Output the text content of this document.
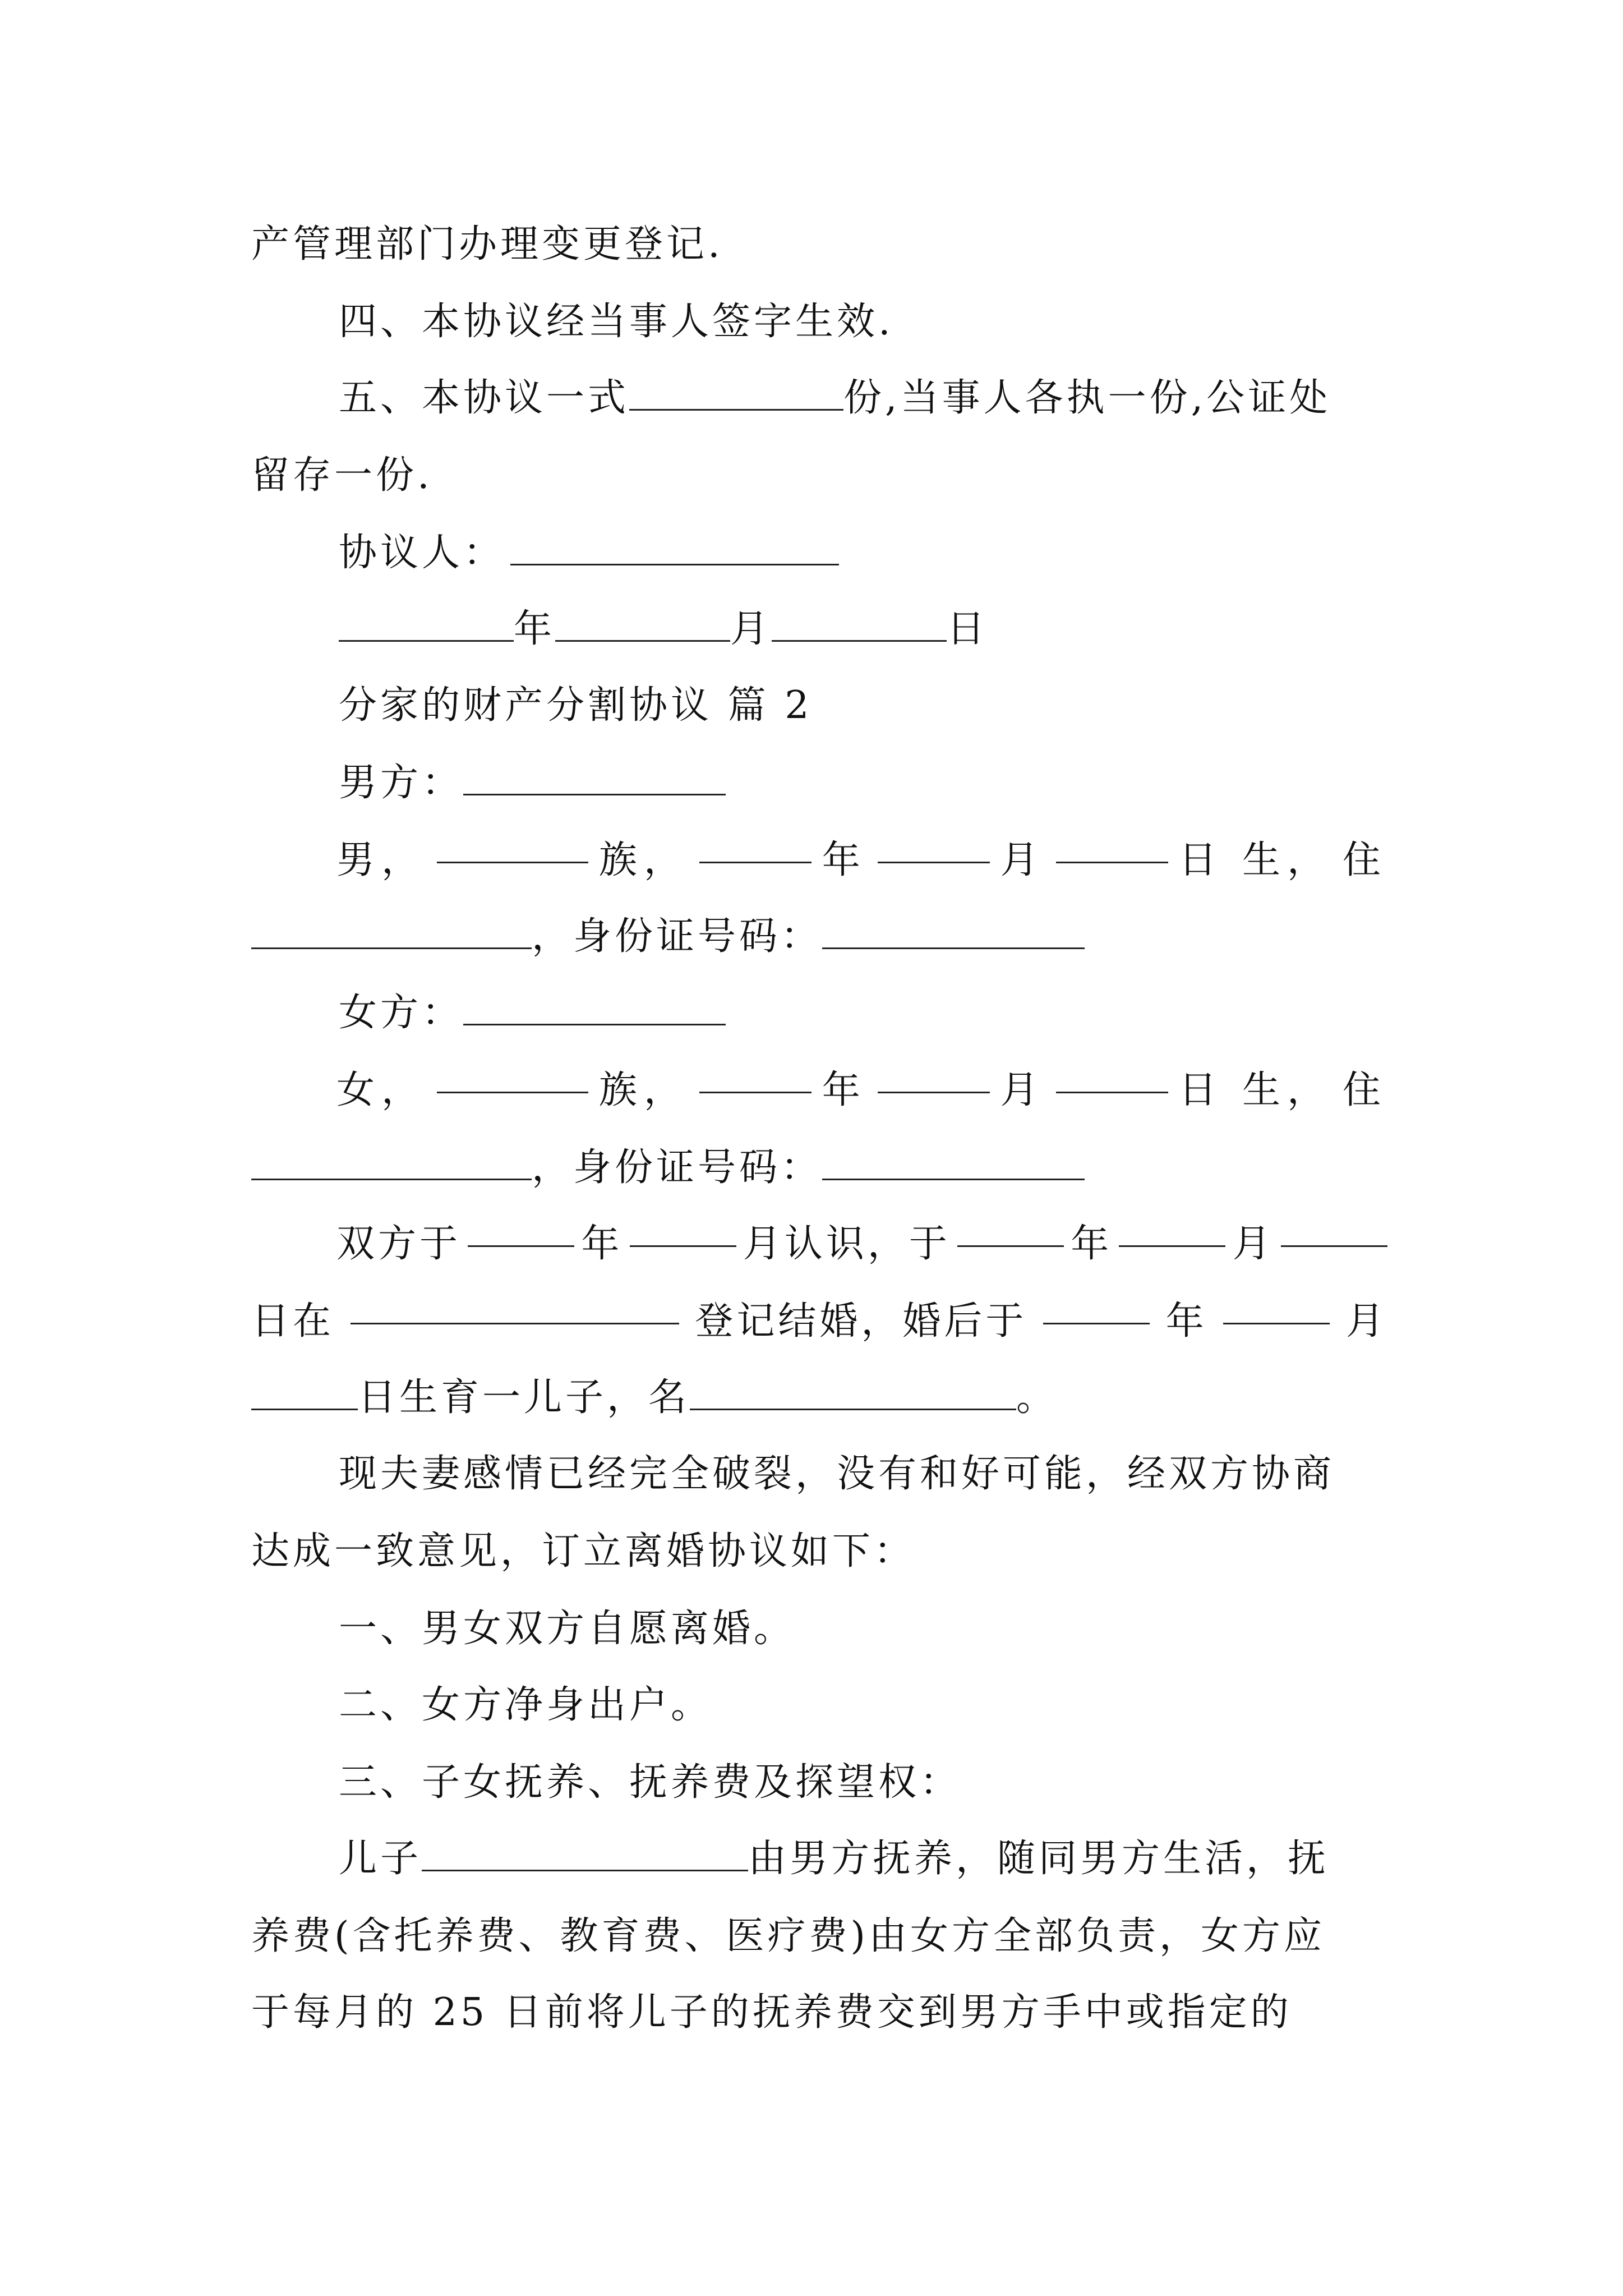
产管理部门办理变更登记.
四、本协议经当事人签字生效.
五、本协议一式	份,当事人各执一份,公证处
留存一份.
协议人：
年	月	日
分家的财产分割协议 篇 2
男方：
男，	族，	年	月	日 生， 住
，身份证号码：
女方：
女，	族，	年	月	日 生， 住
，身份证号码：
双方于	年	月认识，于	年	月
日在	登记结婚，婚后于	年	月
日生育一儿子，名	。
现夫妻感情已经完全破裂，没有和好可能，经双方协商
达成一致意见，订立离婚协议如下：
一、男女双方自愿离婚。
二、女方净身出户。
三、子女抚养、抚养费及探望权：
儿子	由男方抚养，随同男方生活，抚
养费(含托养费、教育费、医疗费)由女方全部负责，女方应
于每月的 25 日前将儿子的抚养费交到男方手中或指定的
